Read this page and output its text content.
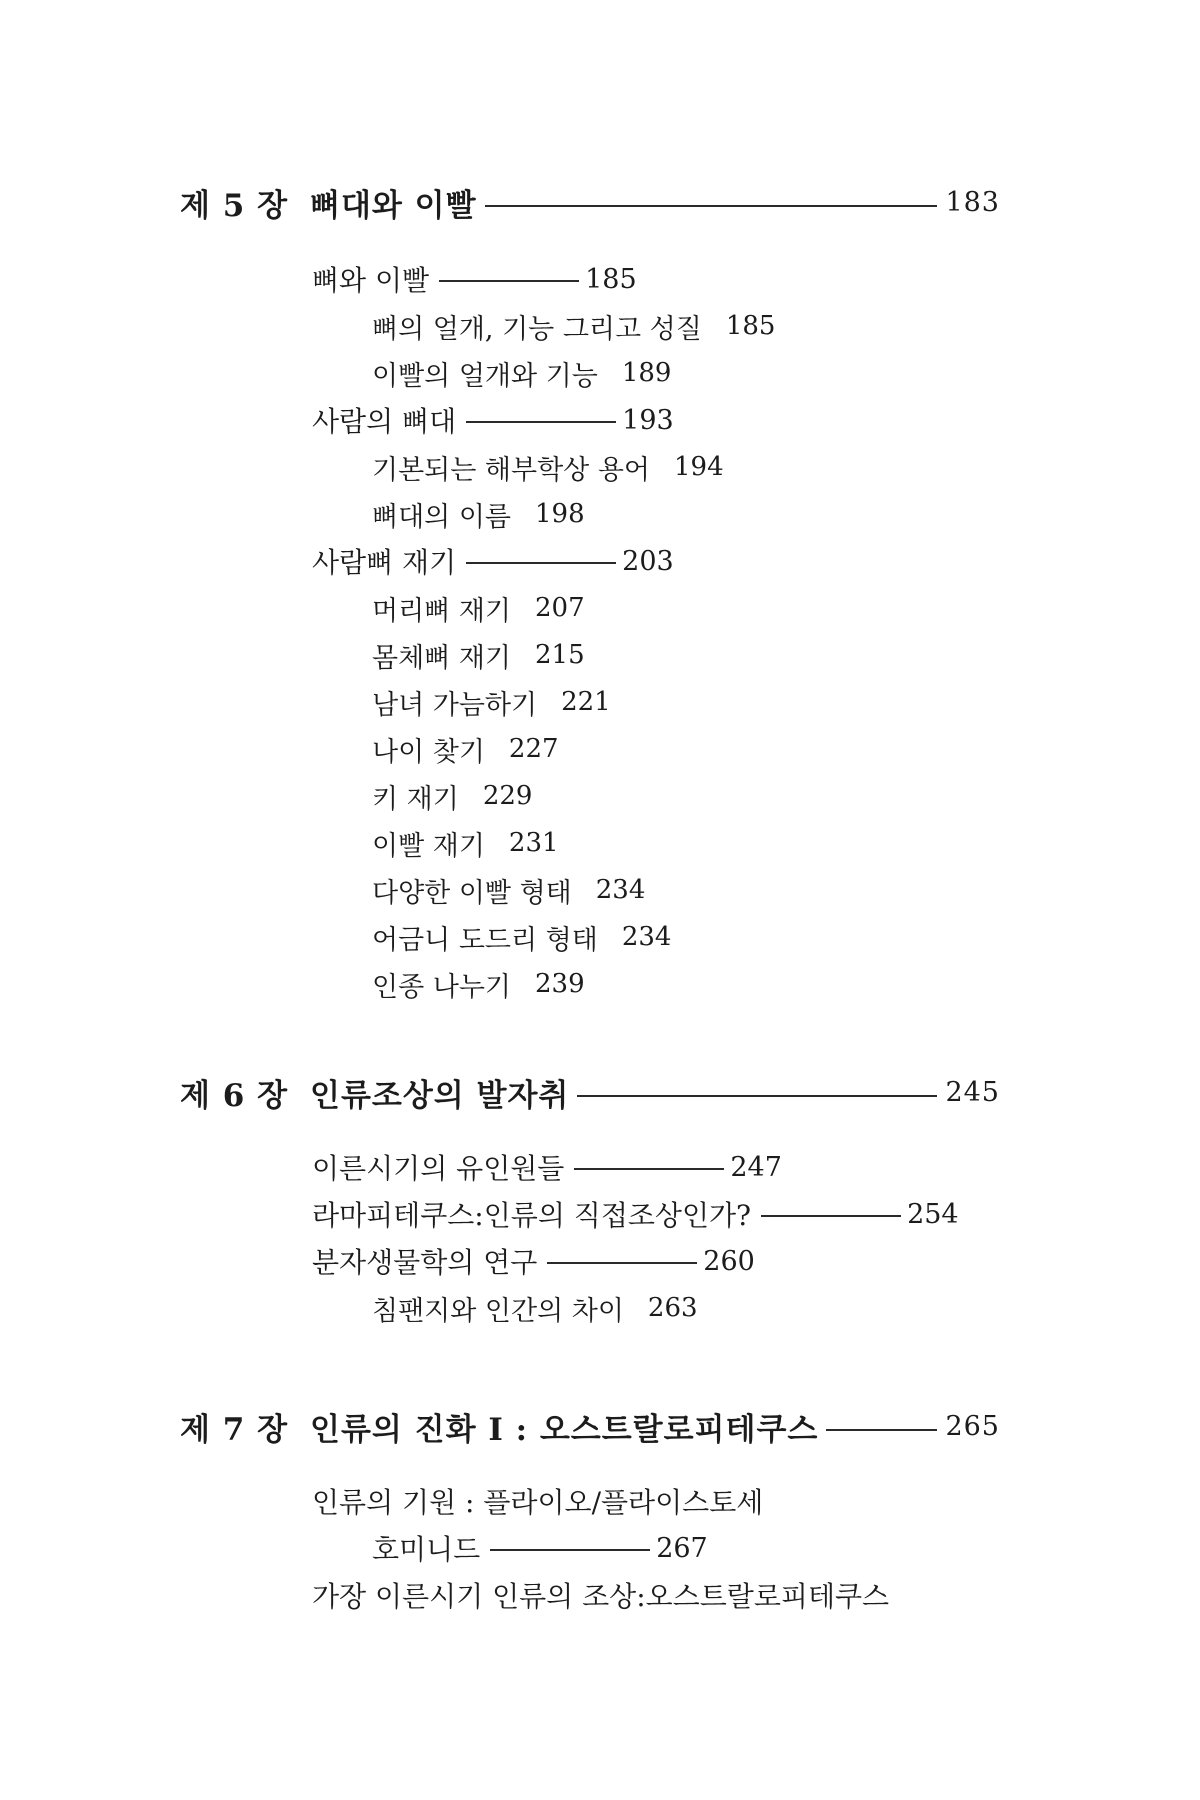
제 5 장 뼈대와 이빨	183
뼈와 이빨	185
뼈의 얼개, 기능 그리고 성질 185
이빨의 얼개와 기능 189
사람의 뼈대	193
기본되는 해부학상 용어 194
뼈대의 이름 198
사람뼈 재기	203
머리뼈 재기 207
몸체뼈 재기 215
남녀 가늠하기 221
나이 찾기 227
키 재기 229
이빨 재기 231
다양한 이빨 형태 234
어금니 도드리 형태 234
인종 나누기 239
제 6 장 인류조상의 발자취	245
이른시기의 유인원들	247
라마피테쿠스:인류의 직접조상인가?	254
분자생물학의 연구	260
침팬지와 인간의 차이 263
제 7 장 인류의 진화 Ⅰ : 오스트랄로피테쿠스	265
인류의 기원 : 플라이오/플라이스토세
호미니드	267
가장 이른시기 인류의 조상:오스트랄로피테쿠스
